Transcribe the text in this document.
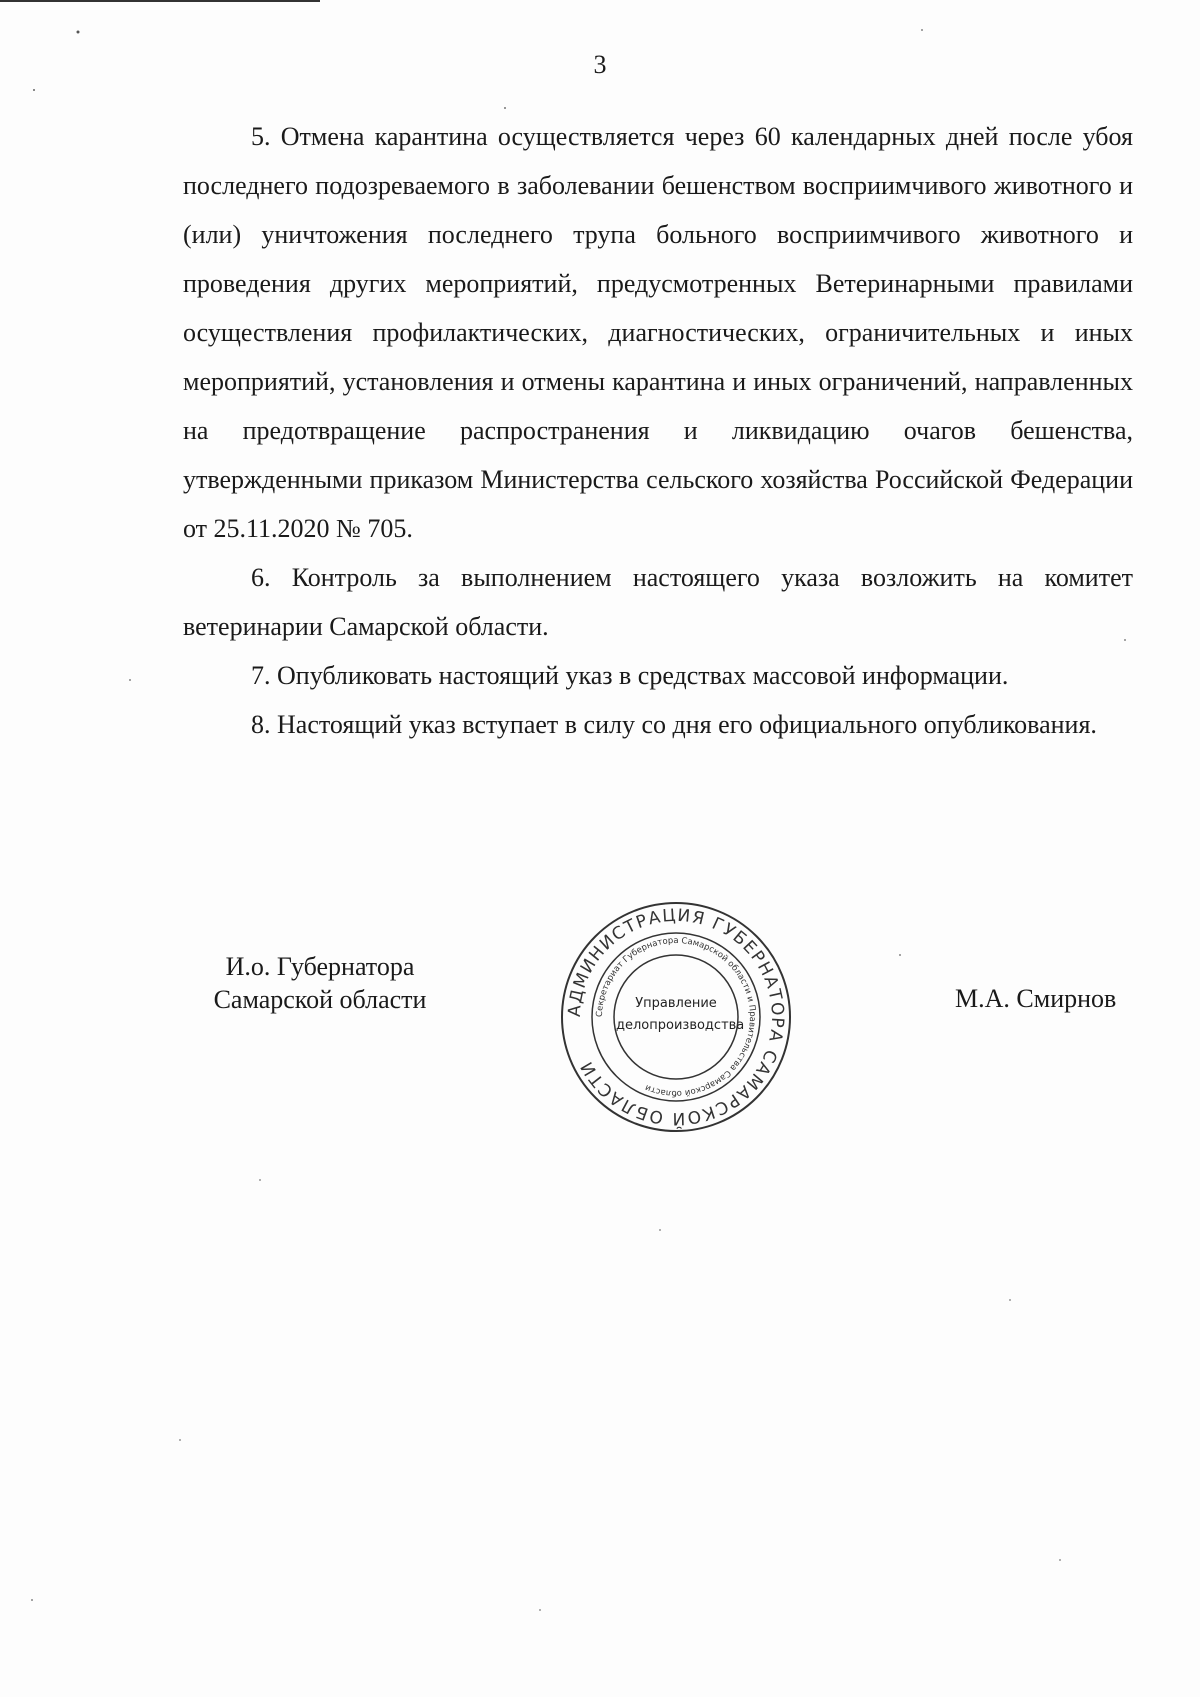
3

5. Отмена карантина осуществляется через 60 календарных дней после убоя последнего подозреваемого в заболевании бешенством восприимчивого животного и (или) уничтожения последнего трупа больного восприимчивого животного и проведения других мероприятий, предусмотренных Ветеринарными правилами осуществления профилактических, диагностических, ограничительных и иных мероприятий, установления и отмены карантина и иных ограничений, направленных на предотвращение распространения и ликвидацию очагов бешенства, утвержденными приказом Министерства сельского хозяйства Российской Федерации от 25.11.2020 № 705.

6. Контроль за выполнением настоящего указа возложить на комитет ветеринарии Самарской области.

7. Опубликовать настоящий указ в средствах массовой информации.

8. Настоящий указ вступает в силу со дня его официального опубликования.

И.о. Губернатора
Самарской области	М.А. Смирнов
АДМИНИСТРАЦИЯ ГУБЕРНАТОРА САМАРСКОЙ ОБЛАСТИ
Секретариат Губернатора Самарской области и Правительства Самарской области
Управление
делопроизводства
